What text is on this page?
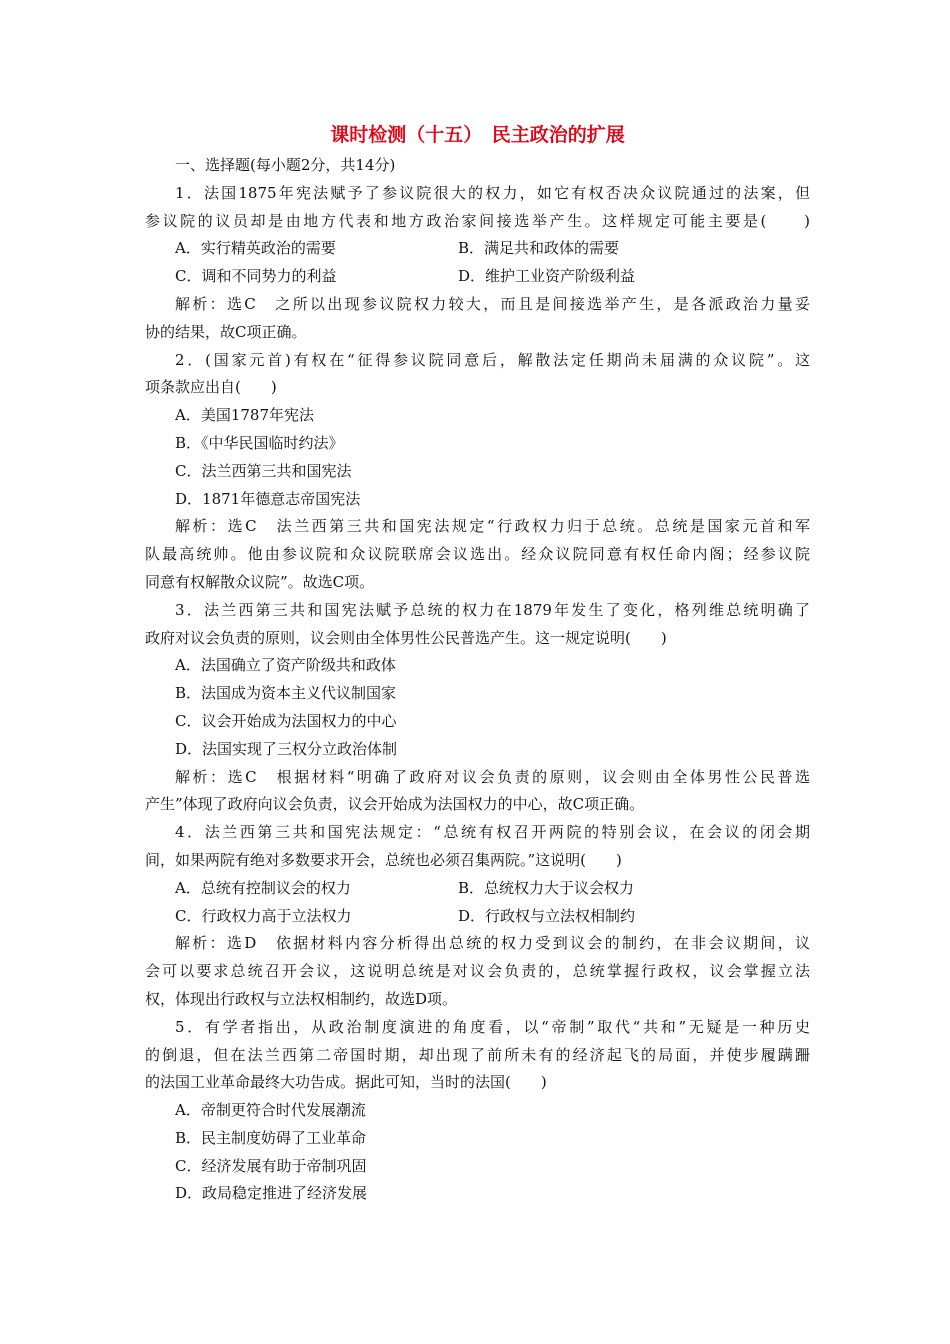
课时检测（十五）　民主政治的扩展
一、选择题(每小题2分，共14分)
1．法国1875年宪法赋予了参议院很大的权力，如它有权否决众议院通过的法案，但
参议院的议员却是由地方代表和地方政治家间接选举产生。这样规定可能主要是(　　)
A．实行精英政治的需要	B．满足共和政体的需要
C．调和不同势力的利益	D．维护工业资产阶级利益
解析：选C　之所以出现参议院权力较大，而且是间接选举产生，是各派政治力量妥
协的结果，故C项正确。
2．(国家元首)有权在“征得参议院同意后，解散法定任期尚未届满的众议院”。这
项条款应出自(　　)
A．美国1787年宪法
B．《中华民国临时约法》
C．法兰西第三共和国宪法
D．1871年德意志帝国宪法
解析：选C　法兰西第三共和国宪法规定“行政权力归于总统。总统是国家元首和军
队最高统帅。他由参议院和众议院联席会议选出。经众议院同意有权任命内阁；经参议院
同意有权解散众议院”。故选C项。
3．法兰西第三共和国宪法赋予总统的权力在1879年发生了变化，格列维总统明确了
政府对议会负责的原则，议会则由全体男性公民普选产生。这一规定说明(　　)
A．法国确立了资产阶级共和政体
B．法国成为资本主义代议制国家
C．议会开始成为法国权力的中心
D．法国实现了三权分立政治体制
解析：选C　根据材料“明确了政府对议会负责的原则，议会则由全体男性公民普选
产生”体现了政府向议会负责，议会开始成为法国权力的中心，故C项正确。
4．法兰西第三共和国宪法规定：“总统有权召开两院的特别会议，在会议的闭会期
间，如果两院有绝对多数要求开会，总统也必须召集两院。”这说明(　　)
A．总统有控制议会的权力	B．总统权力大于议会权力
C．行政权力高于立法权力	D．行政权与立法权相制约
解析：选D　依据材料内容分析得出总统的权力受到议会的制约，在非会议期间，议
会可以要求总统召开会议，这说明总统是对议会负责的，总统掌握行政权，议会掌握立法
权，体现出行政权与立法权相制约，故选D项。
5．有学者指出，从政治制度演进的角度看，以“帝制”取代“共和”无疑是一种历史
的倒退，但在法兰西第二帝国时期，却出现了前所未有的经济起飞的局面，并使步履蹒跚
的法国工业革命最终大功告成。据此可知，当时的法国(　　)
A．帝制更符合时代发展潮流
B．民主制度妨碍了工业革命
C．经济发展有助于帝制巩固
D．政局稳定推进了经济发展
